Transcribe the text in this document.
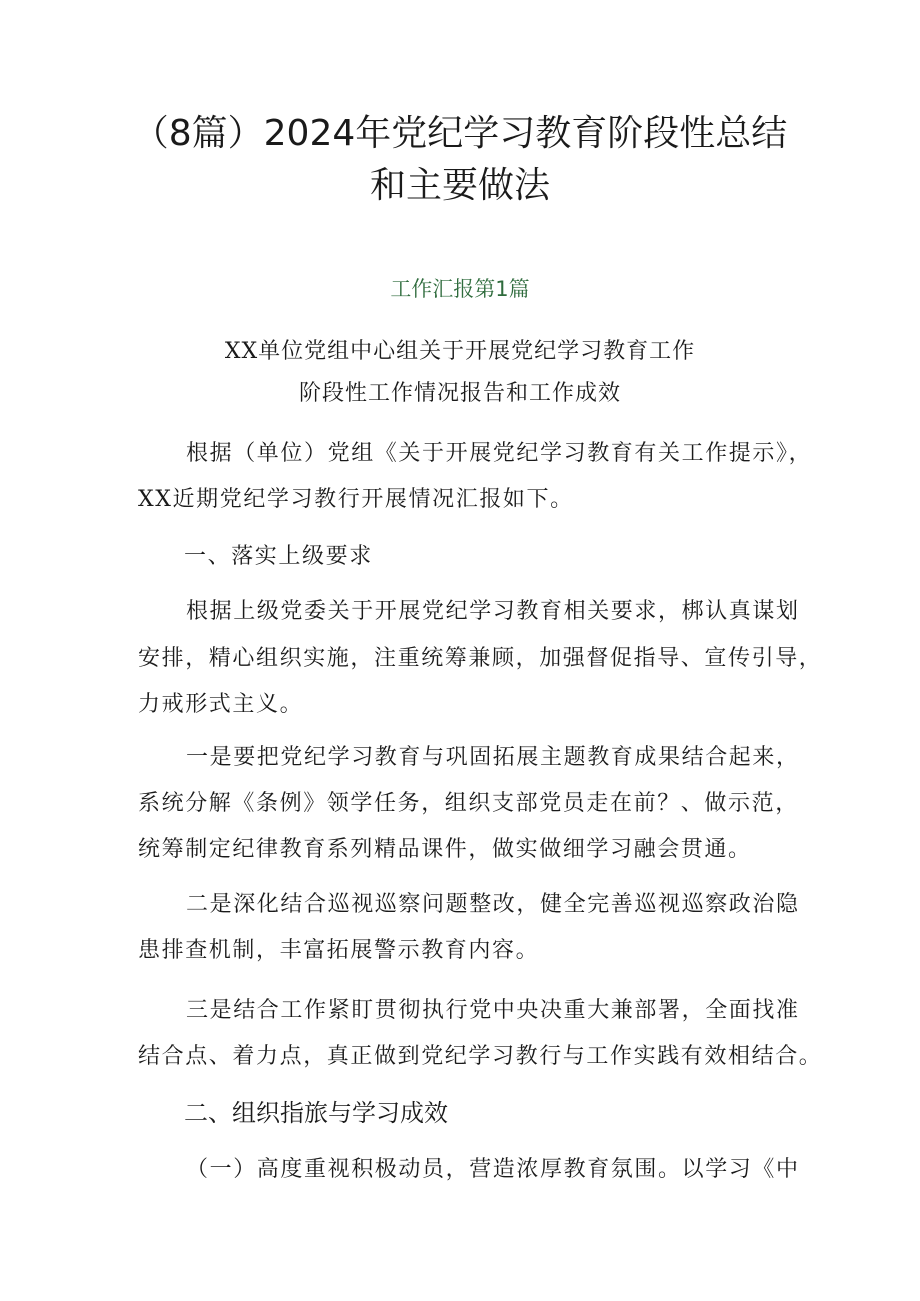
（8篇）2024年党纪学习教育阶段性总结
和主要做法
工作汇报第1篇
XX单位党组中心组关于开展党纪学习教育工作
阶段性工作情况报告和工作成效
根据（单位）党组《关于开展党纪学习教育有关工作提示》，
XX近期党纪学习教行开展情况汇报如下。
一、落实上级要求
根据上级党委关于开展党纪学习教育相关要求，梆认真谋划
安排，精心组织实施，注重统筹兼顾，加强督促指导、宣传引导，
力戒形式主义。
一是要把党纪学习教育与巩固拓展主题教育成果结合起来，
系统分解《条例》领学任务，组织支部党员走在前？、做示范，
统筹制定纪律教育系列精品课件，做实做细学习融会贯通。
二是深化结合巡视巡察问题整改，健全完善巡视巡察政治隐
患排查机制，丰富拓展警示教育内容。
三是结合工作紧盯贯彻执行党中央决重大兼部署，全面找准
结合点、着力点，真正做到党纪学习教行与工作实践有效相结合。
二、组织指旅与学习成效
（一）高度重视积极动员，营造浓厚教育氛围。以学习《中
